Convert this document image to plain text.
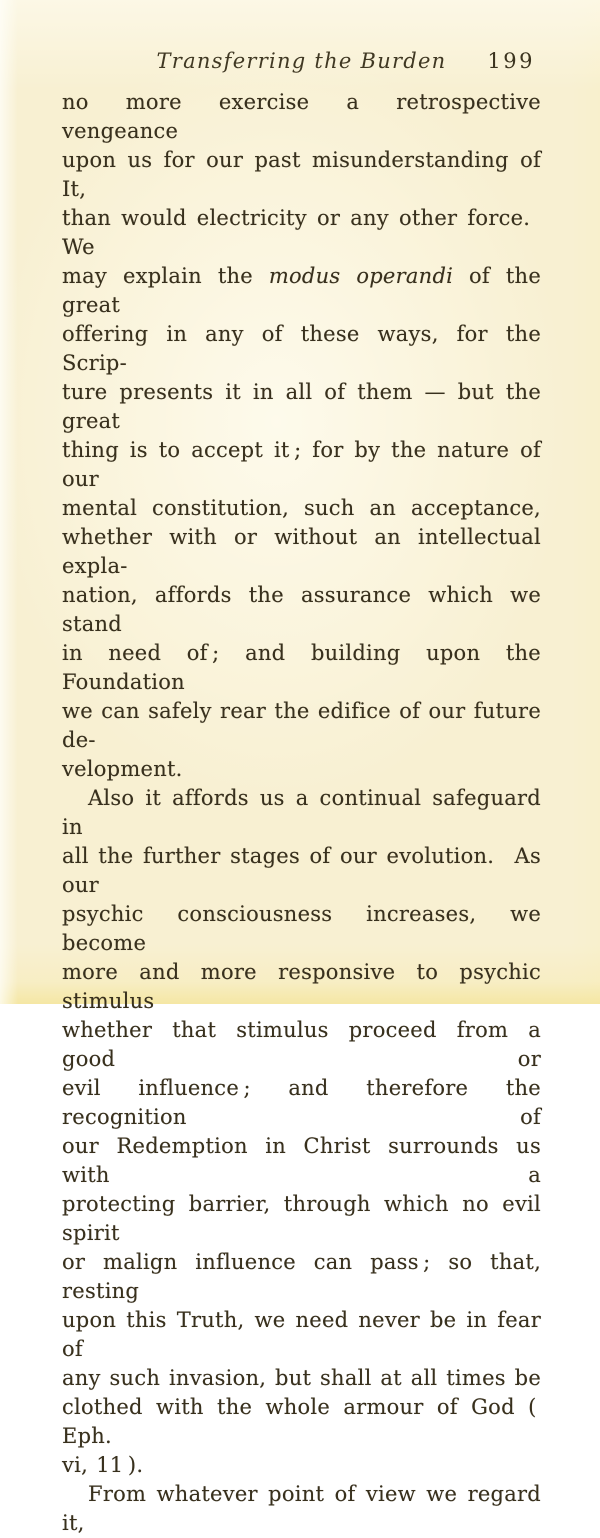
Transferring the Burden	199
no more exercise a retrospective vengeance
upon us for our past misunderstanding of It,
than would electricity or any other force.  We
may explain the modus operandi of the great
offering in any of these ways, for the Scrip-
ture presents it in all of them — but the great
thing is to accept it ; for by the nature of our
mental constitution, such an acceptance,
whether with or without an intellectual expla-
nation, affords the assurance which we stand
in need of ; and building upon the Foundation
we can safely rear the edifice of our future de-
velopment.
Also it affords us a continual safeguard in
all the further stages of our evolution.  As our
psychic consciousness increases, we become
more and more responsive to psychic stimulus
whether that stimulus proceed from a good or
evil influence ; and therefore the recognition of
our Redemption in Christ surrounds us with a
protecting barrier, through which no evil spirit
or malign influence can pass ; so that, resting
upon this Truth, we need never be in fear of
any such invasion, but shall at all times be
clothed with the whole armour of God ( Eph.
vi, 11 ).
From whatever point of view we regard it,
